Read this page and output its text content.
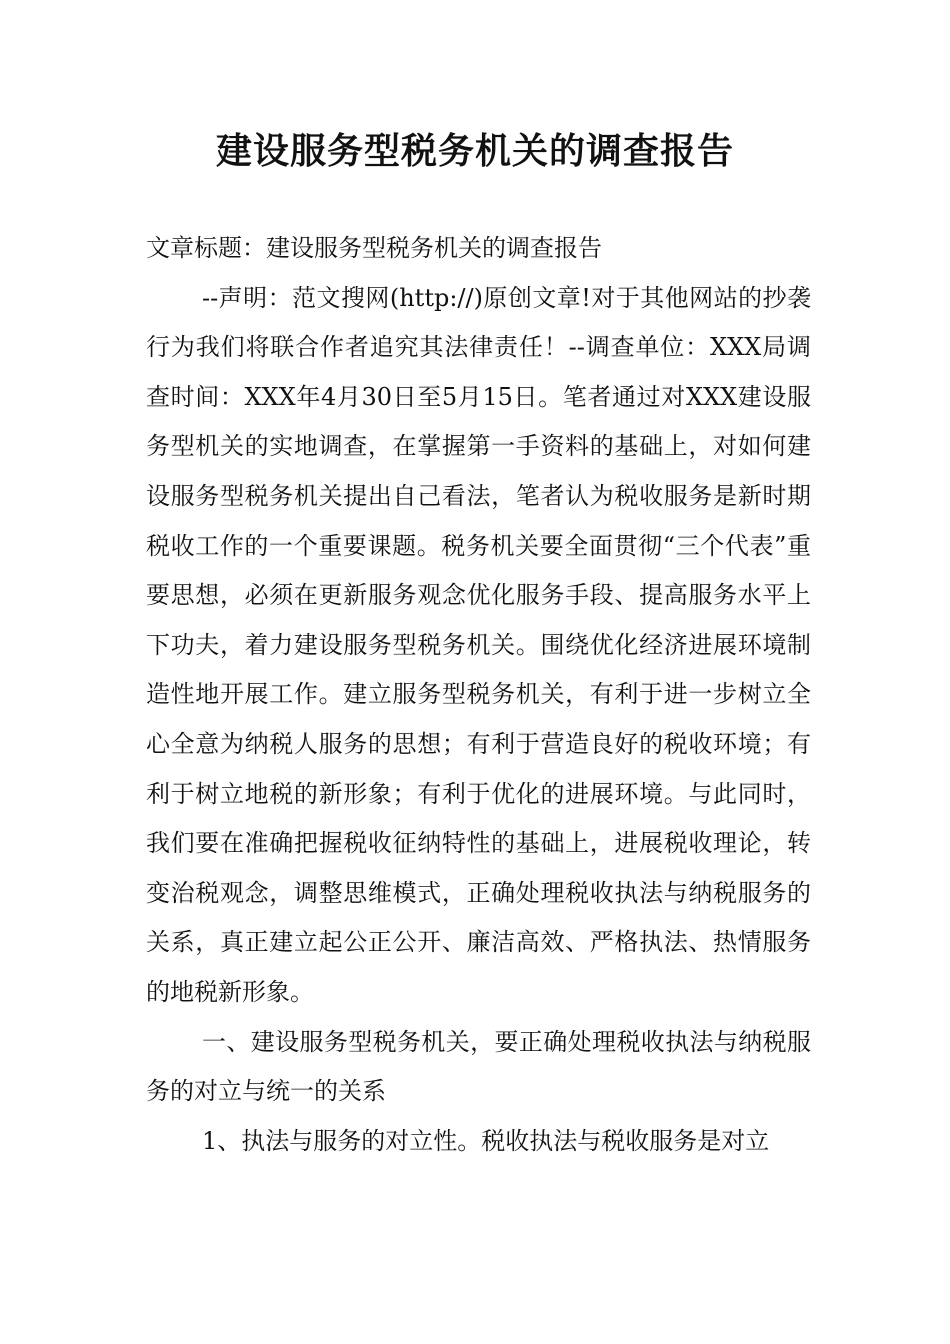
建设服务型税务机关的调查报告

文章标题：建设服务型税务机关的调查报告

--声明：范文搜网(http://)原创文章!对于其他网站的抄袭行为我们将联合作者追究其法律责任！--调查单位：XXX局调查时间：XXX年4月30日至5月15日。笔者通过对XXX建设服务型机关的实地调查，在掌握第一手资料的基础上，对如何建设服务型税务机关提出自己看法，笔者认为税收服务是新时期税收工作的一个重要课题。税务机关要全面贯彻“三个代表”重要思想，必须在更新服务观念优化服务手段、提高服务水平上下功夫，着力建设服务型税务机关。围绕优化经济进展环境制造性地开展工作。建立服务型税务机关，有利于进一步树立全心全意为纳税人服务的思想；有利于营造良好的税收环境；有利于树立地税的新形象；有利于优化的进展环境。与此同时，我们要在准确把握税收征纳特性的基础上，进展税收理论，转变治税观念，调整思维模式，正确处理税收执法与纳税服务的关系，真正建立起公正公开、廉洁高效、严格执法、热情服务的地税新形象。

一、建设服务型税务机关，要正确处理税收执法与纳税服务的对立与统一的关系

1、执法与服务的对立性。税收执法与税收服务是对立
